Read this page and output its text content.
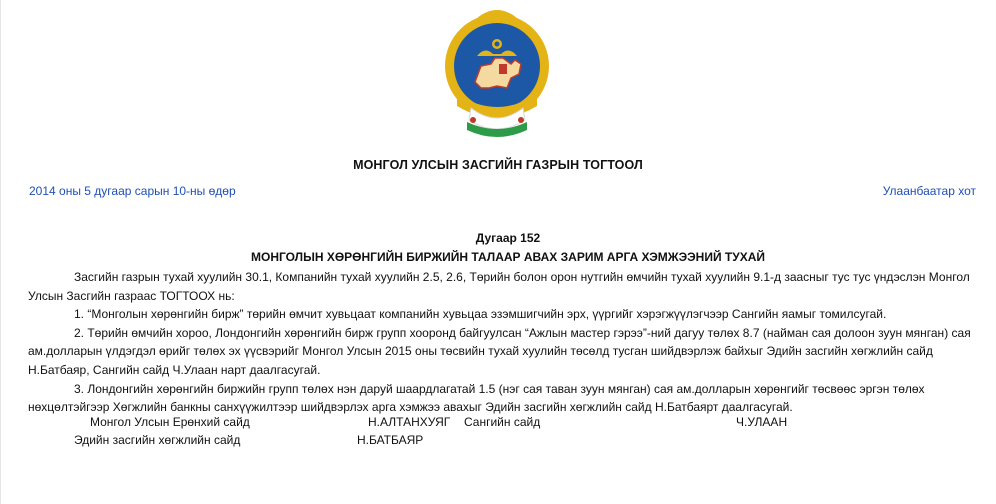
МОНГОЛ УЛСЫН ЗАСГИЙН ГАЗРЫН ТОГТООЛ
2014 оны 5 дугаар сарын 10-ны өдөр	Улаанбаатар хот
Дугаар 152
МОНГОЛЫН ХӨРӨНГИЙН БИРЖИЙН ТАЛААР АВАХ ЗАРИМ АРГА ХЭМЖЭЭНИЙ ТУХАЙ

Засгийн газрын тухай хуулийн 30.1, Компанийн тухай хуулийн 2.5, 2.6, Төрийн болон орон нутгийн өмчийн тухай хуулийн 9.1-д заасныг тус тус үндэслэн Монгол Улсын Засгийн газраас ТОГТООХ нь:

1. “Монголын хөрөнгийн бирж” төрийн өмчит хувьцаат компанийн хувьцаа эзэмшигчийн эрх, үүргийг хэрэгжүүлэгчээр Сангийн яамыг томилсугай.

2. Төрийн өмчийн хороо, Лондонгийн хөрөнгийн бирж групп хооронд байгуулсан “Ажлын мастер гэрээ”-ний дагуу төлөх 8.7 (найман сая долоон зуун мянган) сая ам.долларын үлдэгдэл өрийг төлөх эх үүсвэрийг Монгол Улсын 2015 оны төсвийн тухай хуулийн төсөлд тусган шийдвэрлэж байхыг Эдийн засгийн хөгжлийн сайд Н.Батбаяр, Сангийн сайд Ч.Улаан нарт даалгасугай.

3. Лондонгийн хөрөнгийн биржийн групп төлөх нэн даруй шаардлагатай 1.5 (нэг сая таван зуун мянган) сая ам.долларын хөрөнгийг төсвөөс эргэн төлөх нөхцөлтэйгээр Хөгжлийн банкны санхүүжилтээр шийдвэрлэх арга хэмжээ авахыг Эдийн засгийн хөгжлийн сайд Н.Батбаярт даалгасугай.

Монгол Улсын Ерөнхий сайд	Н.АЛТАНХУЯГ Сангийн сайд	Ч.УЛААН
Эдийн засгийн хөгжлийн сайд	Н.БАТБАЯР
